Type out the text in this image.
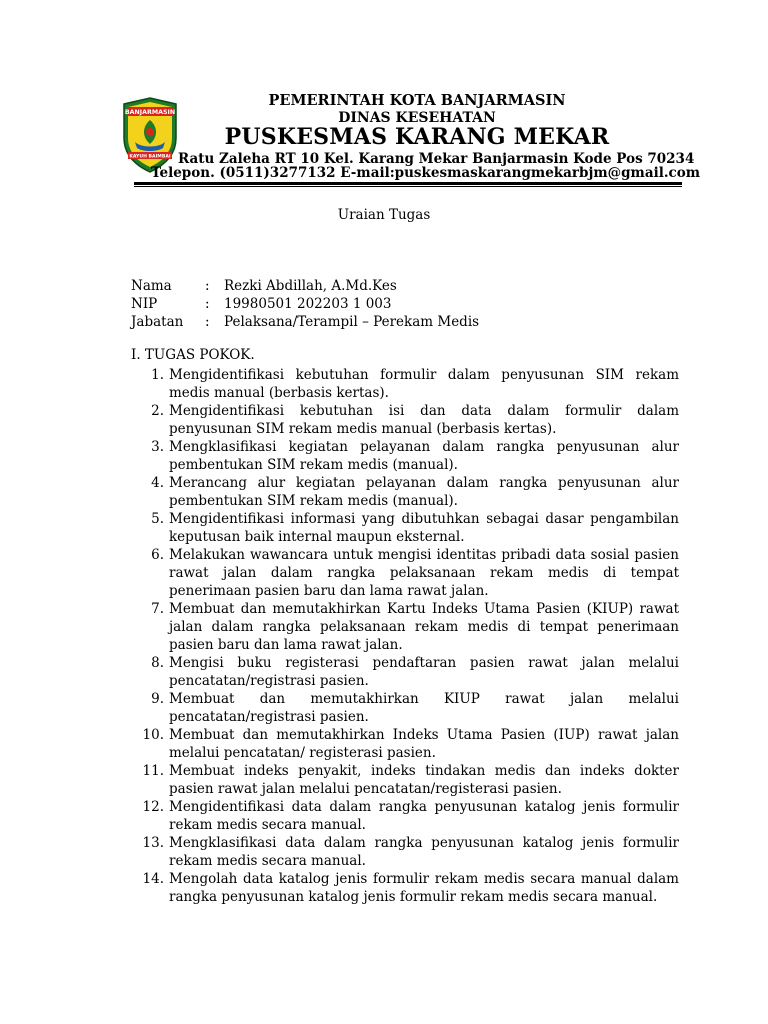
BANJARMASIN
KAYUH BAIMBAI
PEMERINTAH KOTA BANJARMASIN
DINAS KESEHATAN
PUSKESMAS KARANG MEKAR
Ratu Zaleha RT 10 Kel. Karang Mekar Banjarmasin Kode Pos 70234
Telepon. (0511)3277132 E-mail:puskesmaskarangmekarbjm@gmail.com
Uraian Tugas
Nama : Rezki Abdillah, A.Md.Kes
NIP	: 19980501 202203 1 003
Jabatan : Pelaksana/Terampil – Perekam Medis
I. TUGAS POKOK.
1. Mengidentifikasi kebutuhan formulir dalam penyusunan SIM rekam medis manual (berbasis kertas).
2. Mengidentifikasi kebutuhan isi dan data dalam formulir dalam penyusunan SIM rekam medis manual (berbasis kertas).
3. Mengklasifikasi kegiatan pelayanan dalam rangka penyusunan alur pembentukan SIM rekam medis (manual).
4. Merancang alur kegiatan pelayanan dalam rangka penyusunan alur pembentukan SIM rekam medis (manual).
5. Mengidentifikasi informasi yang dibutuhkan sebagai dasar pengambilan keputusan baik internal maupun eksternal.
6. Melakukan wawancara untuk mengisi identitas pribadi data sosial pasien rawat jalan dalam rangka pelaksanaan rekam medis di tempat penerimaan pasien baru dan lama rawat jalan.
7. Membuat dan memutakhirkan Kartu Indeks Utama Pasien (KIUP) rawat jalan dalam rangka pelaksanaan rekam medis di tempat penerimaan pasien baru dan lama rawat jalan.
8. Mengisi buku registerasi pendaftaran pasien rawat jalan melalui pencatatan/registrasi pasien.
9. Membuat dan memutakhirkan KIUP rawat jalan melalui pencatatan/registrasi pasien.
10. Membuat dan memutakhirkan Indeks Utama Pasien (IUP) rawat jalan melalui pencatatan/ registerasi pasien.
11. Membuat indeks penyakit, indeks tindakan medis dan indeks dokter pasien rawat jalan melalui pencatatan/registerasi pasien.
12. Mengidentifikasi data dalam rangka penyusunan katalog jenis formulir rekam medis secara manual.
13. Mengklasifikasi data dalam rangka penyusunan katalog jenis formulir rekam medis secara manual.
14. Mengolah data katalog jenis formulir rekam medis secara manual dalam rangka penyusunan katalog jenis formulir rekam medis secara manual.
